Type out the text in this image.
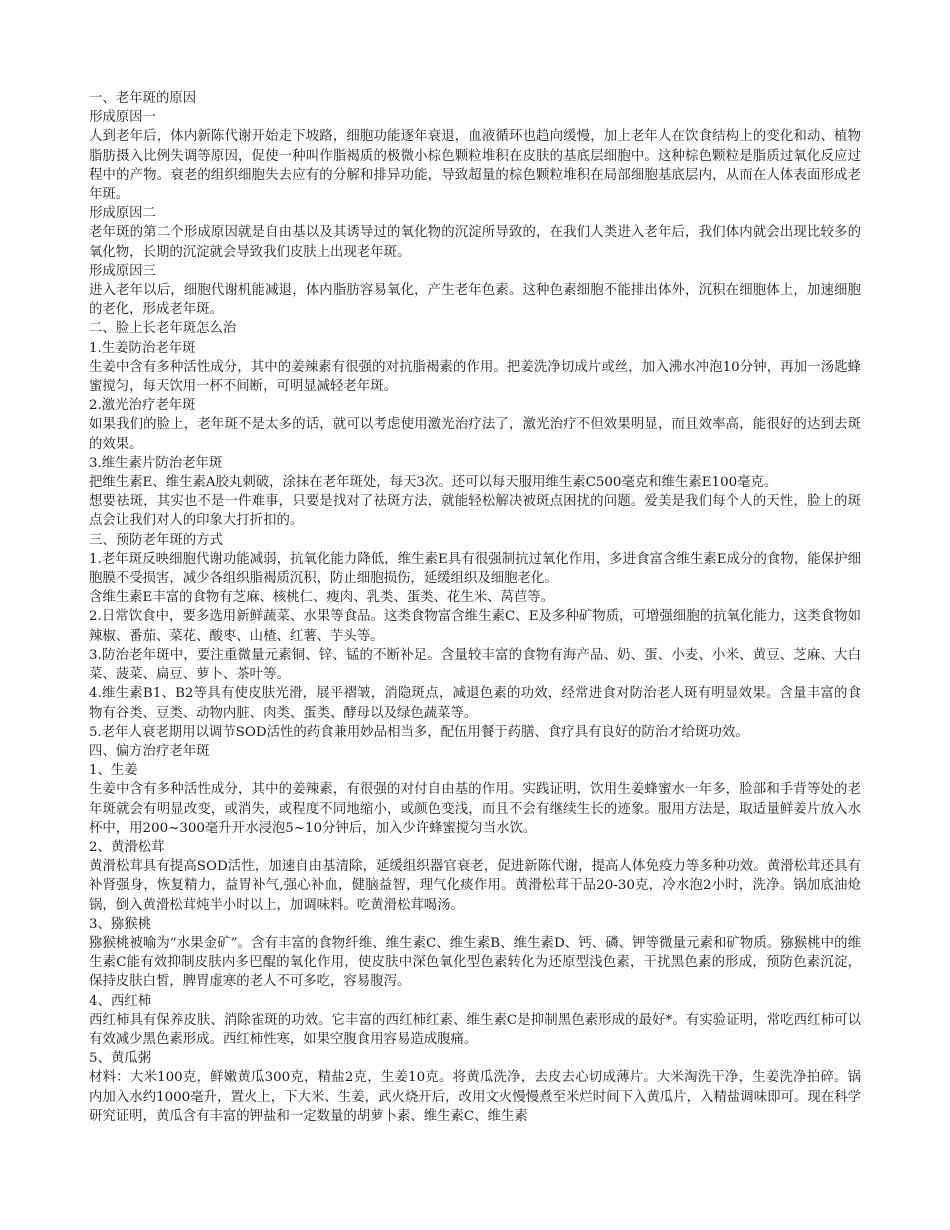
一、老年斑的原因

形成原因一

人到老年后，体内新陈代谢开始走下坡路，细胞功能逐年衰退，血液循环也趋向缓慢，加上老年人在饮食结构上的变化和动、植物脂肪摄入比例失调等原因，促使一种叫作脂褐质的极微小棕色颗粒堆积在皮肤的基底层细胞中。这种棕色颗粒是脂质过氧化反应过程中的产物。衰老的组织细胞失去应有的分解和排异功能，导致超量的棕色颗粒堆积在局部细胞基底层内，从而在人体表面形成老年斑。

形成原因二

老年斑的第二个形成原因就是自由基以及其诱导过的氧化物的沉淀所导致的，在我们人类进入老年后，我们体内就会出现比较多的氧化物，长期的沉淀就会导致我们皮肤上出现老年斑。

形成原因三

进入老年以后，细胞代谢机能减退，体内脂肪容易氧化，产生老年色素。这种色素细胞不能排出体外，沉积在细胞体上，加速细胞的老化，形成老年斑。

二、脸上长老年斑怎么治

1.生姜防治老年斑

生姜中含有多种活性成分，其中的姜辣素有很强的对抗脂褐素的作用。把姜洗净切成片或丝，加入沸水冲泡10分钟，再加一汤匙蜂蜜搅匀，每天饮用一杯不间断，可明显减轻老年斑。

2.激光治疗老年斑

如果我们的脸上，老年斑不是太多的话，就可以考虑使用激光治疗法了，激光治疗不但效果明显，而且效率高，能很好的达到去斑的效果。

3.维生素片防治老年斑

把维生素E、维生素A胶丸刺破，涂抹在老年斑处，每天3次。还可以每天服用维生素C500毫克和维生素E100毫克。

想要祛斑，其实也不是一件难事，只要是找对了祛斑方法，就能轻松解决被斑点困扰的问题。爱美是我们每个人的天性，脸上的斑点会让我们对人的印象大打折扣的。

三、预防老年斑的方式

1.老年斑反映细胞代谢功能减弱，抗氧化能力降低，维生素E具有很强制抗过氧化作用，多进食富含维生素E成分的食物，能保护细胞膜不受损害，减少各组织脂褐质沉积，防止细胞损伤，延缓组织及细胞老化。

含维生素E丰富的食物有芝麻、核桃仁、瘦肉、乳类、蛋类、花生米、莴苣等。

2.日常饮食中，要多选用新鲜蔬菜、水果等食品。这类食物富含维生素C、E及多种矿物质，可增强细胞的抗氧化能力，这类食物如辣椒、番茄、菜花、酸枣、山楂、红薯、芋头等。

3.防治老年斑中，要注重微量元素铜、锌、锰的不断补足。含量较丰富的食物有海产品、奶、蛋、小麦、小米、黄豆、芝麻、大白菜、菠菜、扁豆、萝卜、茶叶等。

4.维生素B1、B2等具有使皮肤光滑，展平褶皱，消隐斑点，减退色素的功效，经常进食对防治老人斑有明显效果。含量丰富的食物有谷类、豆类、动物内脏、肉类、蛋类、酵母以及绿色蔬菜等。

5.老年人衰老期用以调节SOD活性的药食兼用妙品相当多，配伍用餐于药膳、食疗具有良好的防治才给斑功效。

四、偏方治疗老年斑

1、生姜

生姜中含有多种活性成分，其中的姜辣素，有很强的对付自由基的作用。实践证明，饮用生姜蜂蜜水一年多，脸部和手背等处的老年斑就会有明显改变，或消失，或程度不同地缩小，或颜色变浅，而且不会有继续生长的迹象。服用方法是，取适量鲜姜片放入水杯中，用200~300毫升开水浸泡5~10分钟后，加入少许蜂蜜搅匀当水饮。

2、黄滑松茸

黄滑松茸具有提高SOD活性，加速自由基清除，延缓组织器官衰老，促进新陈代谢，提高人体免疫力等多种功效。黄滑松茸还具有补肾强身，恢复精力，益胃补气,强心补血，健脑益智，理气化痰作用。黄滑松茸干品20-30克，冷水泡2小时，洗净。锅加底油炝锅，倒入黄滑松茸炖半小时以上，加调味料。吃黄滑松茸喝汤。

3、猕猴桃

猕猴桃被喻为“水果金矿”。含有丰富的食物纤维、维生素C、维生素B、维生素D、钙、磷、钾等微量元素和矿物质。猕猴桃中的维生素C能有效抑制皮肤内多巴醌的氧化作用，使皮肤中深色氧化型色素转化为还原型浅色素，干扰黑色素的形成，预防色素沉淀，保持皮肤白皙，脾胃虚寒的老人不可多吃，容易腹泻。

4、西红柿

西红柿具有保养皮肤、消除雀斑的功效。它丰富的西红柿红素、维生素C是抑制黑色素形成的最好*。有实验证明，常吃西红柿可以有效减少黑色素形成。西红柿性寒，如果空腹食用容易造成腹痛。

5、黄瓜粥

材料：大米100克，鲜嫩黄瓜300克，精盐2克，生姜10克。将黄瓜洗净，去皮去心切成薄片。大米淘洗干净，生姜洗净拍碎。锅内加入水约1000毫升，置火上，下大米、生姜，武火烧开后，改用文火慢慢煮至米烂时间下入黄瓜片，入精盐调味即可。现在科学研究证明，黄瓜含有丰富的钾盐和一定数量的胡萝卜素、维生素C、维生素
